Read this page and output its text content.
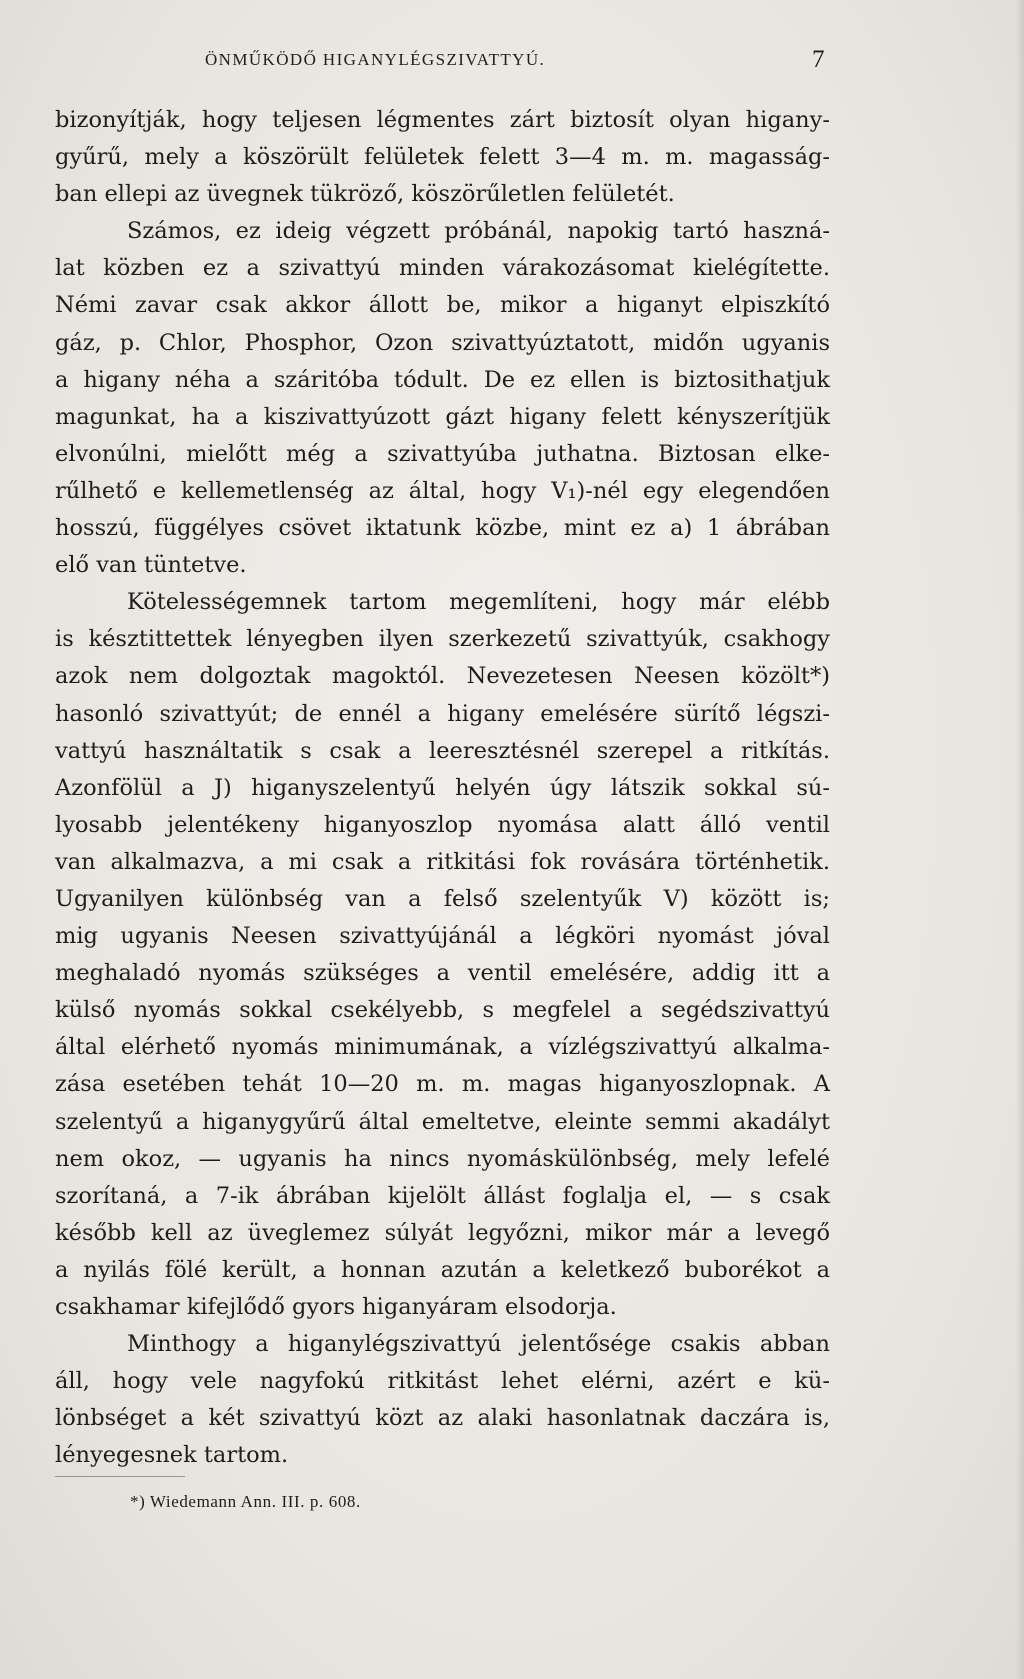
ÖNMŰKÖDŐ HIGANYLÉGSZIVATTYÚ.	7
bizonyítják, hogy teljesen légmentes zárt biztosít olyan higany-
gyűrű, mely a köszörült felületek felett 3—4 m. m. magasság-
ban ellepi az üvegnek tükröző, köszörűletlen felületét.
Számos, ez ideig végzett próbánál, napokig tartó haszná-
lat közben ez a szivattyú minden várakozásomat kielégítette.
Némi zavar csak akkor állott be, mikor a higanyt elpiszkító
gáz, p. Chlor, Phosphor, Ozon szivattyúztatott, midőn ugyanis
a higany néha a száritóba tódult. De ez ellen is biztosithatjuk
magunkat, ha a kiszivattyúzott gázt higany felett kényszerítjük
elvonúlni, mielőtt még a szivattyúba juthatna. Biztosan elke-
rűlhető e kellemetlenség az által, hogy V₁)-nél egy elegendően
hosszú, függélyes csövet iktatunk közbe, mint ez a) 1 ábrában
elő van tüntetve.
Kötelességemnek tartom megemlíteni, hogy már elébb
is késztittettek lényegben ilyen szerkezetű szivattyúk, csakhogy
azok nem dolgoztak magoktól. Nevezetesen Neesen közölt*)
hasonló szivattyút; de ennél a higany emelésére sürítő légszi-
vattyú használtatik s csak a leeresztésnél szerepel a ritkítás.
Azonfölül a J) higanyszelentyű helyén úgy látszik sokkal sú-
lyosabb jelentékeny higanyoszlop nyomása alatt álló ventil
van alkalmazva, a mi csak a ritkitási fok rovására történhetik.
Ugyanilyen különbség van a felső szelentyűk V) között is;
mig ugyanis Neesen szivattyújánál a légköri nyomást jóval
meghaladó nyomás szükséges a ventil emelésére, addig itt a
külső nyomás sokkal csekélyebb, s megfelel a segédszivattyú
által elérhető nyomás minimumának, a vízlégszivattyú alkalma-
zása esetében tehát 10—20 m. m. magas higanyoszlopnak. A
szelentyű a higanygyűrű által emeltetve, eleinte semmi akadályt
nem okoz, — ugyanis ha nincs nyomáskülönbség, mely lefelé
szorítaná, a 7-ik ábrában kijelölt állást foglalja el, — s csak
később kell az üveglemez súlyát legyőzni, mikor már a levegő
a nyilás fölé került, a honnan azután a keletkező buborékot a
csakhamar kifejlődő gyors higanyáram elsodorja.
Minthogy a higanylégszivattyú jelentősége csakis abban
áll, hogy vele nagyfokú ritkitást lehet elérni, azért e kü-
lönbséget a két szivattyú közt az alaki hasonlatnak daczára is,
lényegesnek tartom.
*) Wiedemann Ann. III. p. 608.
